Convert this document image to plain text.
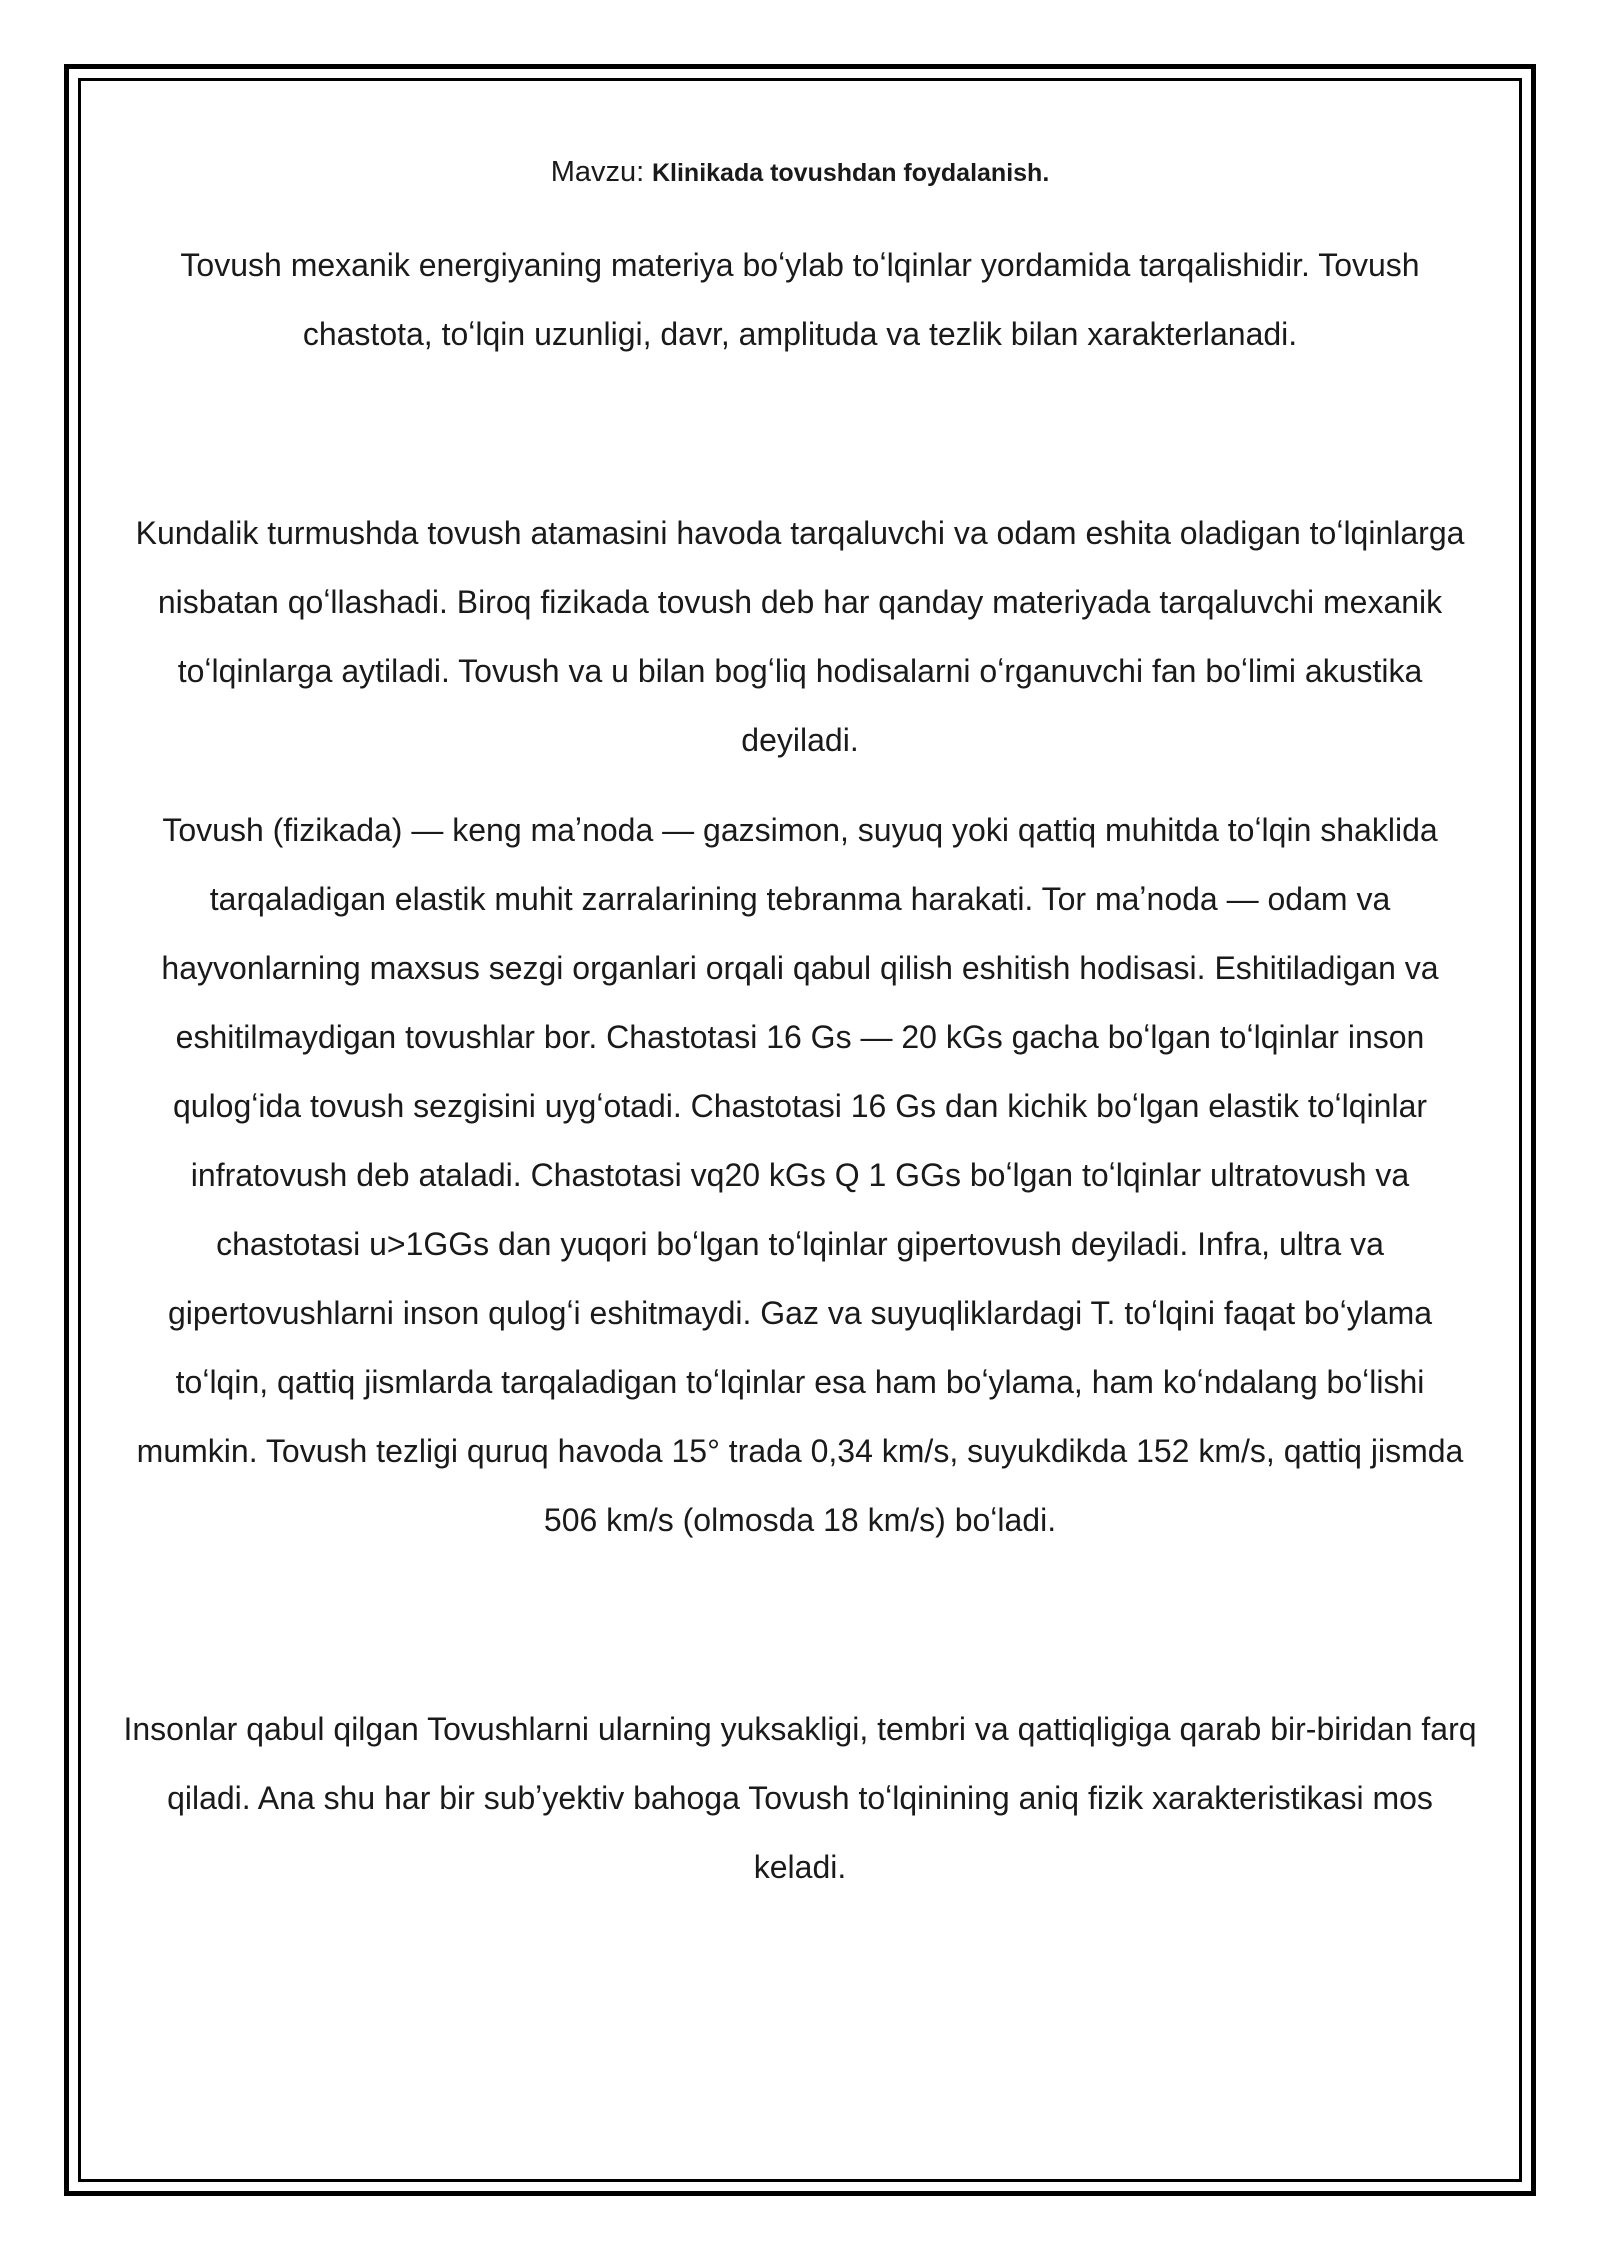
Mavzu: Klinikada tovushdan foydalanish.

Tovush mexanik energiyaning materiya boʻylab toʻlqinlar yordamida tarqalishidir. Tovush chastota, toʻlqin uzunligi, davr, amplituda va tezlik bilan xarakterlanadi.

Kundalik turmushda tovush atamasini havoda tarqaluvchi va odam eshita oladigan toʻlqinlarga nisbatan qoʻllashadi. Biroq fizikada tovush deb har qanday materiyada tarqaluvchi mexanik toʻlqinlarga aytiladi. Tovush va u bilan bogʻliq hodisalarni oʻrganuvchi fan boʻlimi akustika deyiladi.

Tovush (fizikada) — keng maʼnoda — gazsimon, suyuq yoki qattiq muhitda toʻlqin shaklida tarqaladigan elastik muhit zarralarining tebranma harakati. Tor maʼnoda — odam va hayvonlarning maxsus sezgi organlari orqali qabul qilish eshitish hodisasi. Eshitiladigan va eshitilmaydigan tovushlar bor. Chastotasi 16 Gs — 20 kGs gacha boʻlgan toʻlqinlar inson qulogʻida tovush sezgisini uygʻotadi. Chastotasi 16 Gs dan kichik boʻlgan elastik toʻlqinlar infratovush deb ataladi. Chastotasi vq20 kGs Q 1 GGs boʻlgan toʻlqinlar ultratovush va chastotasi u>1GGs dan yuqori boʻlgan toʻlqinlar gipertovush deyiladi. Infra, ultra va gipertovushlarni inson qulogʻi eshitmaydi. Gaz va suyuqliklardagi T. toʻlqini faqat boʻylama toʻlqin, qattiq jismlarda tarqaladigan toʻlqinlar esa ham boʻylama, ham koʻndalang boʻlishi mumkin. Tovush tezligi quruq havoda 15° trada 0,34 km/s, suyukdikda 152 km/s, qattiq jismda 506 km/s (olmosda 18 km/s) boʻladi.

Insonlar qabul qilgan Tovushlarni ularning yuksakligi, tembri va qattiqligiga qarab bir-biridan farq qiladi. Ana shu har bir subʼyektiv bahoga Tovush toʻlqinining aniq fizik xarakteristikasi mos keladi.
